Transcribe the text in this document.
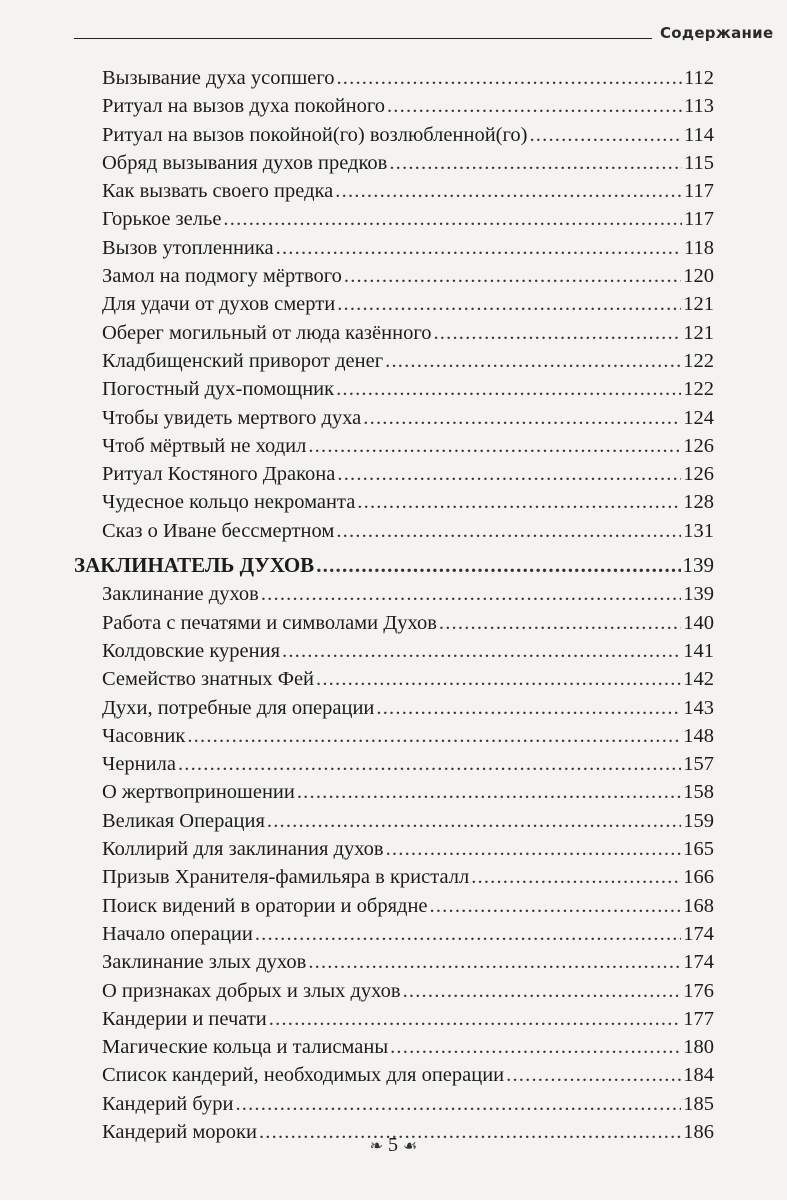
Содержание
Вызывание духа усопшего .....	112
Ритуал на вызов духа покойного .....	113
Ритуал на вызов покойной(го) возлюбленной(го) .....	114
Обряд вызывания духов предков .....	115
Как вызвать своего предка .....	117
Горькое зелье .....	117
Вызов утопленника .....	118
Замол на подмогу мёртвого .....	120
Для удачи от духов смерти .....	121
Оберег могильный от люда казённого .....	121
Кладбищенский приворот денег .....	122
Погостный дух-помощник .....	122
Чтобы увидеть мертвого духа .....	124
Чтоб мёртвый не ходил .....	126
Ритуал Костяного Дракона .....	126
Чудесное кольцо некроманта .....	128
Сказ о Иване бессмертном .....	131
ЗАКЛИНАТЕЛЬ ДУХОВ .....	139
Заклинание духов .....	139
Работа с печатями и символами Духов .....	140
Колдовские курения .....	141
Семейство знатных Фей .....	142
Духи, потребные для операции .....	143
Часовник .....	148
Чернила .....	157
О жертвоприношении .....	158
Великая Операция .....	159
Коллирий для заклинания духов .....	165
Призыв Хранителя-фамильяра в кристалл .....	166
Поиск видений в оратории и обрядне .....	168
Начало операции .....	174
Заклинание злых духов .....	174
О признаках добрых и злых духов .....	176
Кандерии и печати .....	177
Магические кольца и талисманы .....	180
Список кандерий, необходимых для операции .....	184
Кандерий бури .....	185
Кандерий мороки .....	186
❧ 5 ☙
